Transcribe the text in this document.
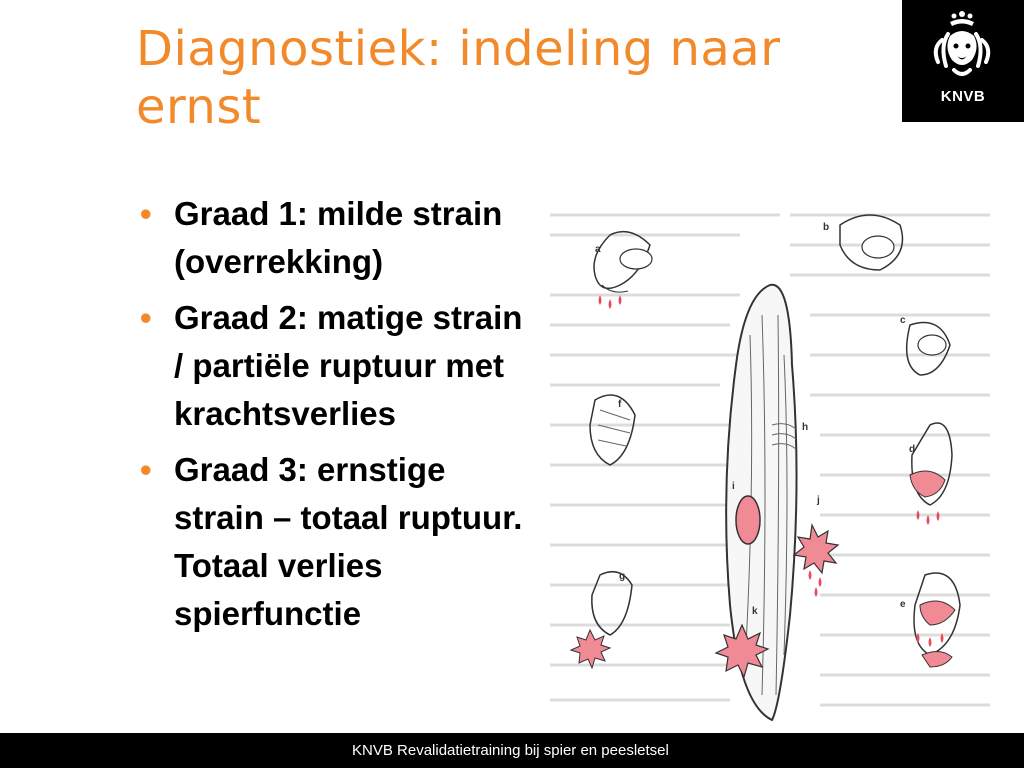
Diagnostiek: indeling naar ernst	KNVB
• Graad 1: milde strain (overrekking)
• Graad 2: matige strain / partiële ruptuur met krachtsverlies
• Graad 3: ernstige strain – totaal ruptuur. Totaal verlies spierfunctie
a
b
c
d
e
f
g
h
i
j
k
KNVB Revalidatietraining bij spier en peesletsel
